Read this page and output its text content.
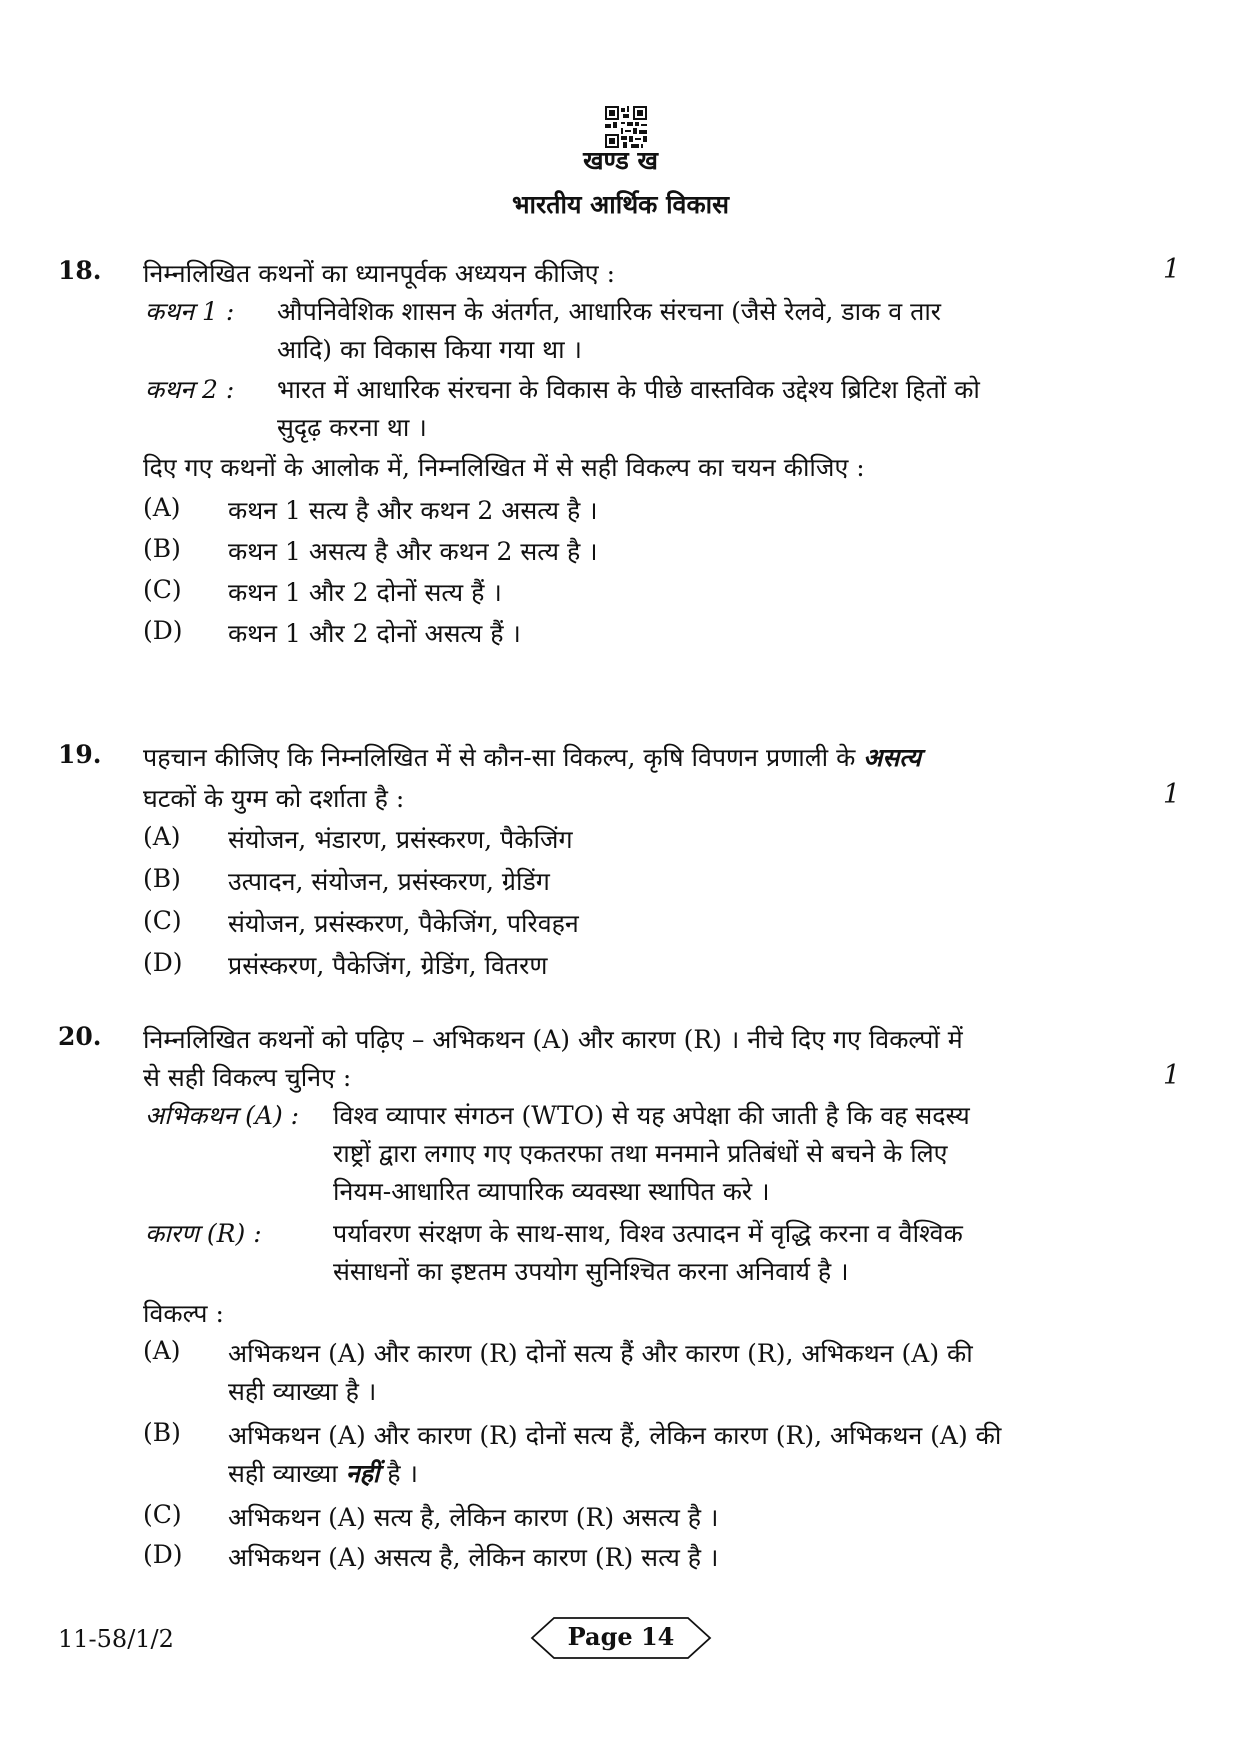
खण्ड ख
भारतीय आर्थिक विकास
18.	1
निम्नलिखित कथनों का ध्यानपूर्वक अध्ययन कीजिए :
कथन 1 : औपनिवेशिक शासन के अंतर्गत, आधारिक संरचना (जैसे रेलवे, डाक व तार
आदि) का विकास किया गया था ।
कथन 2 : भारत में आधारिक संरचना के विकास के पीछे वास्तविक उद्देश्य ब्रिटिश हितों को
सुदृढ़ करना था ।
दिए गए कथनों के आलोक में, निम्नलिखित में से सही विकल्प का चयन कीजिए :
(A) कथन 1 सत्य है और कथन 2 असत्य है ।
(B) कथन 1 असत्य है और कथन 2 सत्य है ।
(C) कथन 1 और 2 दोनों सत्य हैं ।
(D) कथन 1 और 2 दोनों असत्य हैं ।
19. पहचान कीजिए कि निम्नलिखित में से कौन-सा विकल्प, कृषि विपणन प्रणाली के असत्य
घटकों के युग्म को दर्शाता है :	1
(A) संयोजन, भंडारण, प्रसंस्करण, पैकेजिंग
(B) उत्पादन, संयोजन, प्रसंस्करण, ग्रेडिंग
(C) संयोजन, प्रसंस्करण, पैकेजिंग, परिवहन
(D) प्रसंस्करण, पैकेजिंग, ग्रेडिंग, वितरण
20. निम्नलिखित कथनों को पढ़िए – अभिकथन (A) और कारण (R) । नीचे दिए गए विकल्पों में
से सही विकल्प चुनिए :	1
अभिकथन (A) : विश्व व्यापार संगठन (WTO) से यह अपेक्षा की जाती है कि वह सदस्य
राष्ट्रों द्वारा लगाए गए एकतरफा तथा मनमाने प्रतिबंधों से बचने के लिए
नियम-आधारित व्यापारिक व्यवस्था स्थापित करे ।
कारण (R) :	पर्यावरण संरक्षण के साथ-साथ, विश्व उत्पादन में वृद्धि करना व वैश्विक
संसाधनों का इष्टतम उपयोग सुनिश्चित करना अनिवार्य है ।
विकल्प :
(A) अभिकथन (A) और कारण (R) दोनों सत्य हैं और कारण (R), अभिकथन (A) की
सही व्याख्या है ।
(B) अभिकथन (A) और कारण (R) दोनों सत्य हैं, लेकिन कारण (R), अभिकथन (A) की
सही व्याख्या नहीं है ।
(C) अभिकथन (A) सत्य है, लेकिन कारण (R) असत्य है ।
(D) अभिकथन (A) असत्य है, लेकिन कारण (R) सत्य है ।
11-58/1/2	Page 14
